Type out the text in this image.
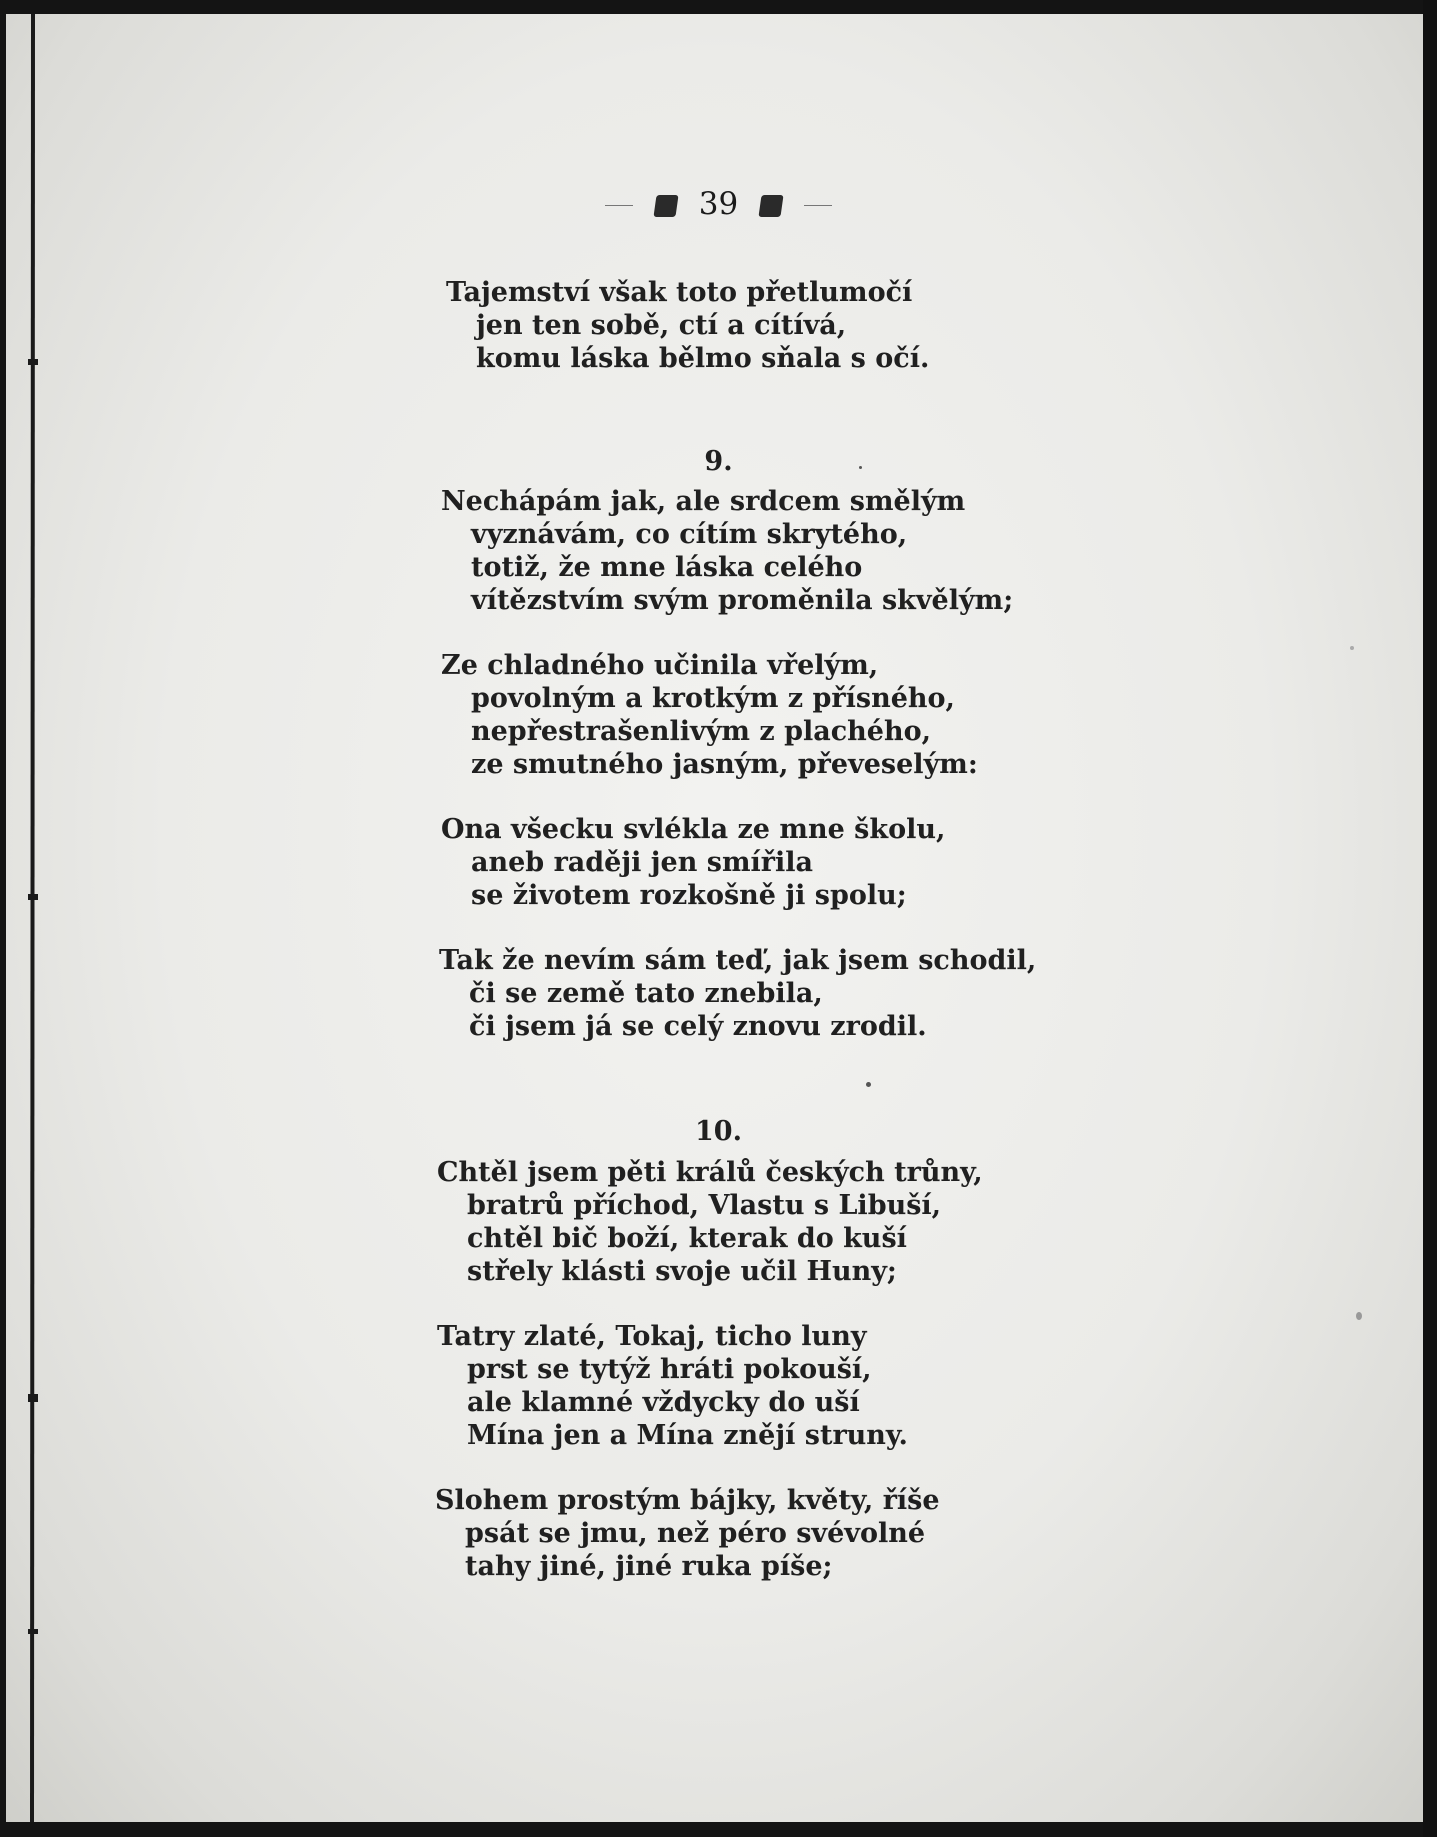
39
Tajemství však toto přetlumočí
jen ten sobě, ctí a cítívá,
komu láska bělmo sňala s očí.
9.
Nechápám jak, ale srdcem smělým
vyznávám, co cítím skrytého,
totiž, že mne láska celého
vítězstvím svým proměnila skvělým;
Ze chladného učinila vřelým,
povolným a krotkým z přísného,
nepřestrašenlivým z plachého,
ze smutného jasným, převeselým:
Ona všecku svlékla ze mne školu,
aneb raději jen smířila
se životem rozkošně ji spolu;
Tak že nevím sám teď, jak jsem schodil,
či se země tato znebila,
či jsem já se celý znovu zrodil.
10.
Chtěl jsem pěti králů českých trůny,
bratrů příchod, Vlastu s Libuší,
chtěl bič boží, kterak do kuší
střely klásti svoje učil Huny;
Tatry zlaté, Tokaj, ticho luny
prst se tytýž hráti pokouší,
ale klamné vždycky do uší
Mína jen a Mína znějí struny.
Slohem prostým bájky, květy, říše
psát se jmu, než péro svévolné
tahy jiné, jiné ruka píše;
